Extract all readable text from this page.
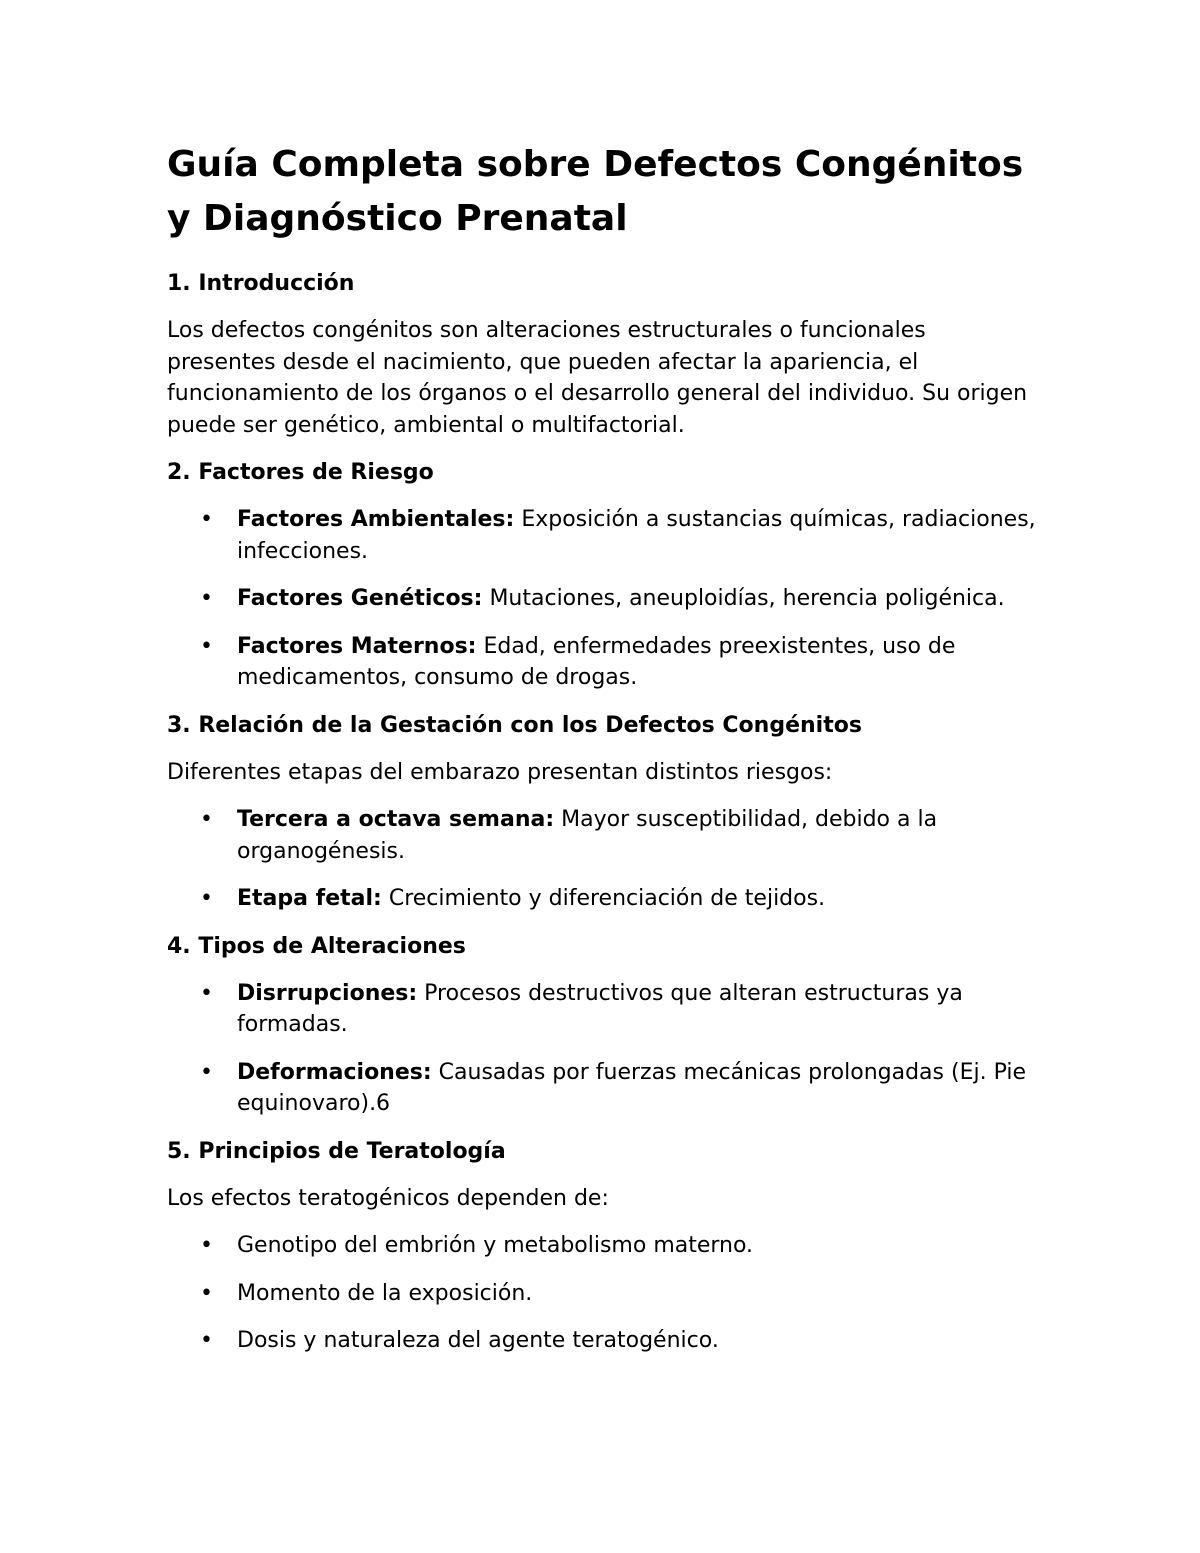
Guía Completa sobre Defectos Congénitos y Diagnóstico Prenatal
1. Introducción

Los defectos congénitos son alteraciones estructurales o funcionales presentes desde el nacimiento, que pueden afectar la apariencia, el funcionamiento de los órganos o el desarrollo general del individuo. Su origen puede ser genético, ambiental o multifactorial.

2. Factores de Riesgo
• Factores Ambientales: Exposición a sustancias químicas, radiaciones, infecciones.
• Factores Genéticos: Mutaciones, aneuploidías, herencia poligénica.
• Factores Maternos: Edad, enfermedades preexistentes, uso de medicamentos, consumo de drogas.
3. Relación de la Gestación con los Defectos Congénitos

Diferentes etapas del embarazo presentan distintos riesgos:

• Tercera a octava semana: Mayor susceptibilidad, debido a la organogénesis.
• Etapa fetal: Crecimiento y diferenciación de tejidos.
4. Tipos de Alteraciones
• Disrrupciones: Procesos destructivos que alteran estructuras ya formadas.
• Deformaciones: Causadas por fuerzas mecánicas prolongadas (Ej. Pie equinovaro).6
5. Principios de Teratología

Los efectos teratogénicos dependen de:

• Genotipo del embrión y metabolismo materno.
• Momento de la exposición.
• Dosis y naturaleza del agente teratogénico.
